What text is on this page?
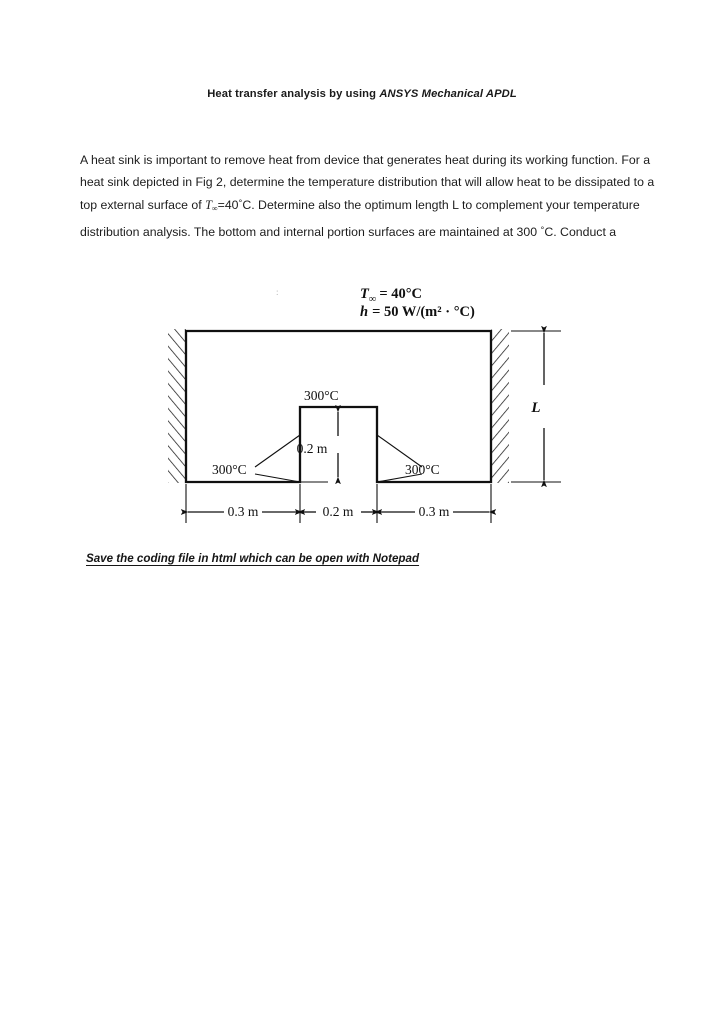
Heat transfer analysis by using ANSYS Mechanical APDL
A heat sink is important to remove heat from device that generates heat during its working function. For a heat sink depicted in Fig 2, determine the temperature distribution that will allow heat to be dissipated to a top external surface of $T_\infty=40^\circ C$. Determine also the optimum length L to complement your temperature distribution analysis. The bottom and internal portion surfaces are maintained at 300 °C. Conduct a
:	$T_\infty = 40^\circ C$
h = 50 W/(m² · °C)
300°C
0.2 m
300°C	300°C
0.3 m	0.2 m	0.3 m
L
Save the coding file in html which can be open with Notepad
